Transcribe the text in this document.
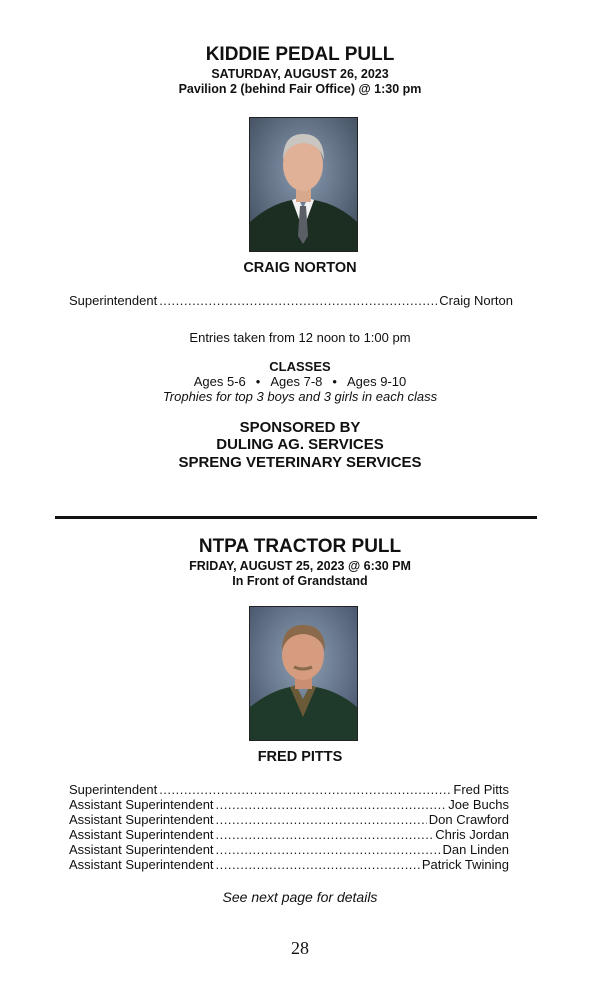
KIDDIE PEDAL PULL
SATURDAY, AUGUST 26, 2023
Pavilion 2 (behind Fair Office) @ 1:30 pm
CRAIG NORTON
Superintendent .....	Craig Norton
Entries taken from 12 noon to 1:00 pm
CLASSES
Ages 5-6 • Ages 7-8 • Ages 9-10
Trophies for top 3 boys and 3 girls in each class
SPONSORED BY
DULING AG. SERVICES
SPRENG VETERINARY SERVICES
NTPA TRACTOR PULL
FRIDAY, AUGUST 25, 2023 @ 6:30 PM
In Front of Grandstand
FRED PITTS
Superintendent .....	Fred Pitts
Assistant Superintendent .....	Joe Buchs
Assistant Superintendent .....	Don Crawford
Assistant Superintendent .....	Chris Jordan
Assistant Superintendent .....	Dan Linden
Assistant Superintendent .....	Patrick Twining
See next page for details
28
